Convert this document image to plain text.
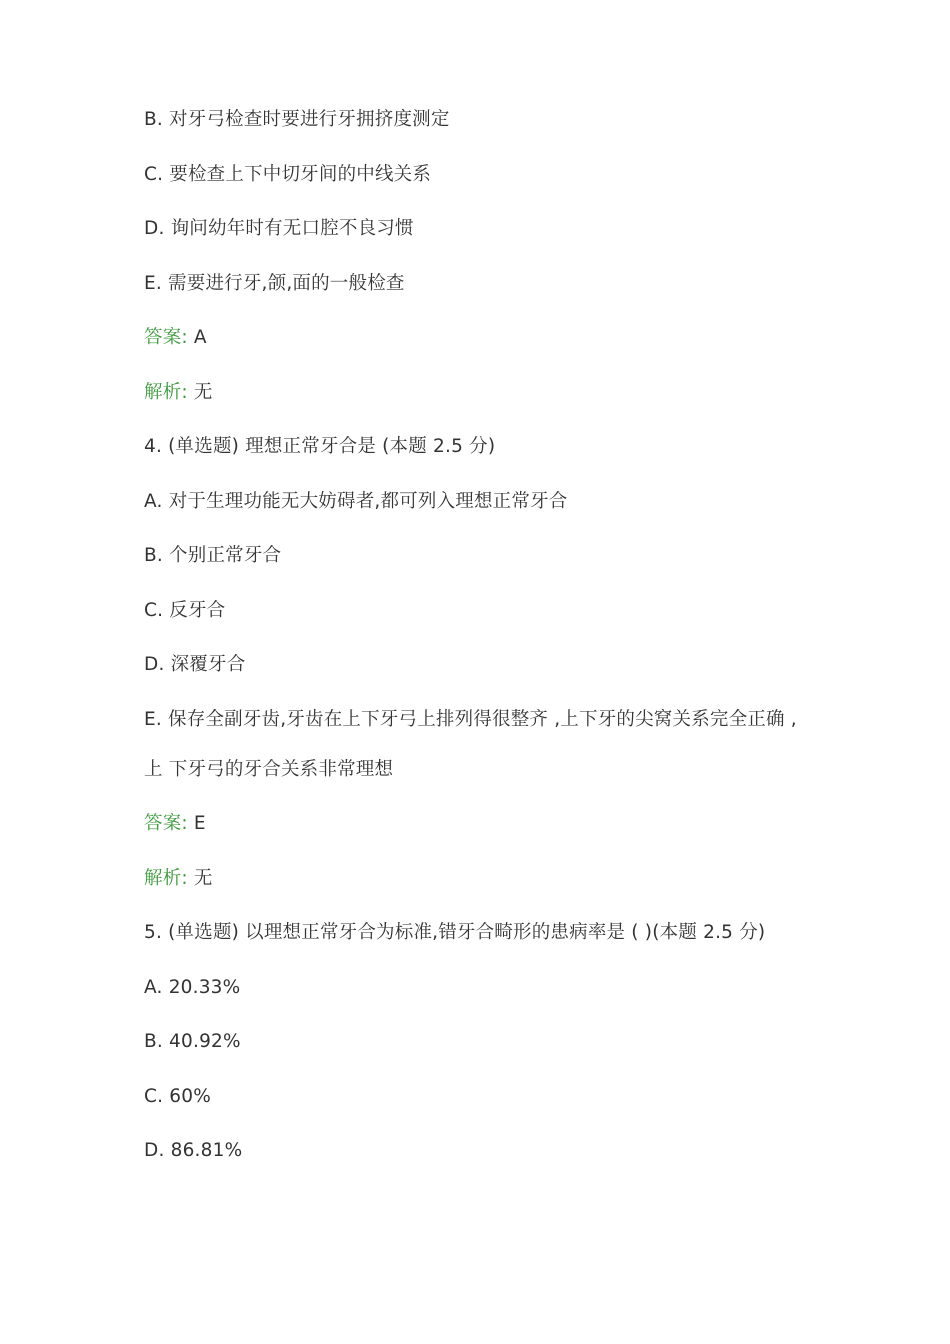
B. 对牙弓检查时要进行牙拥挤度测定
C. 要检查上下中切牙间的中线关系
D. 询问幼年时有无口腔不良习惯
E. 需要进行牙,颌,面的一般检查
答案: A
解析: 无
4. (单选题) 理想正常牙合是 (本题 2.5 分)
A. 对于生理功能无大妨碍者,都可列入理想正常牙合
B. 个别正常牙合
C. 反牙合
D. 深覆牙合
E. 保存全副牙齿,牙齿在上下牙弓上排列得很整齐 ,上下牙的尖窝关系完全正确 ,
上 下牙弓的牙合关系非常理想
答案: E
解析: 无
5. (单选题) 以理想正常牙合为标准,错牙合畸形的患病率是 ( )(本题 2.5 分)
A. 20.33%
B. 40.92%
C. 60%
D. 86.81%
